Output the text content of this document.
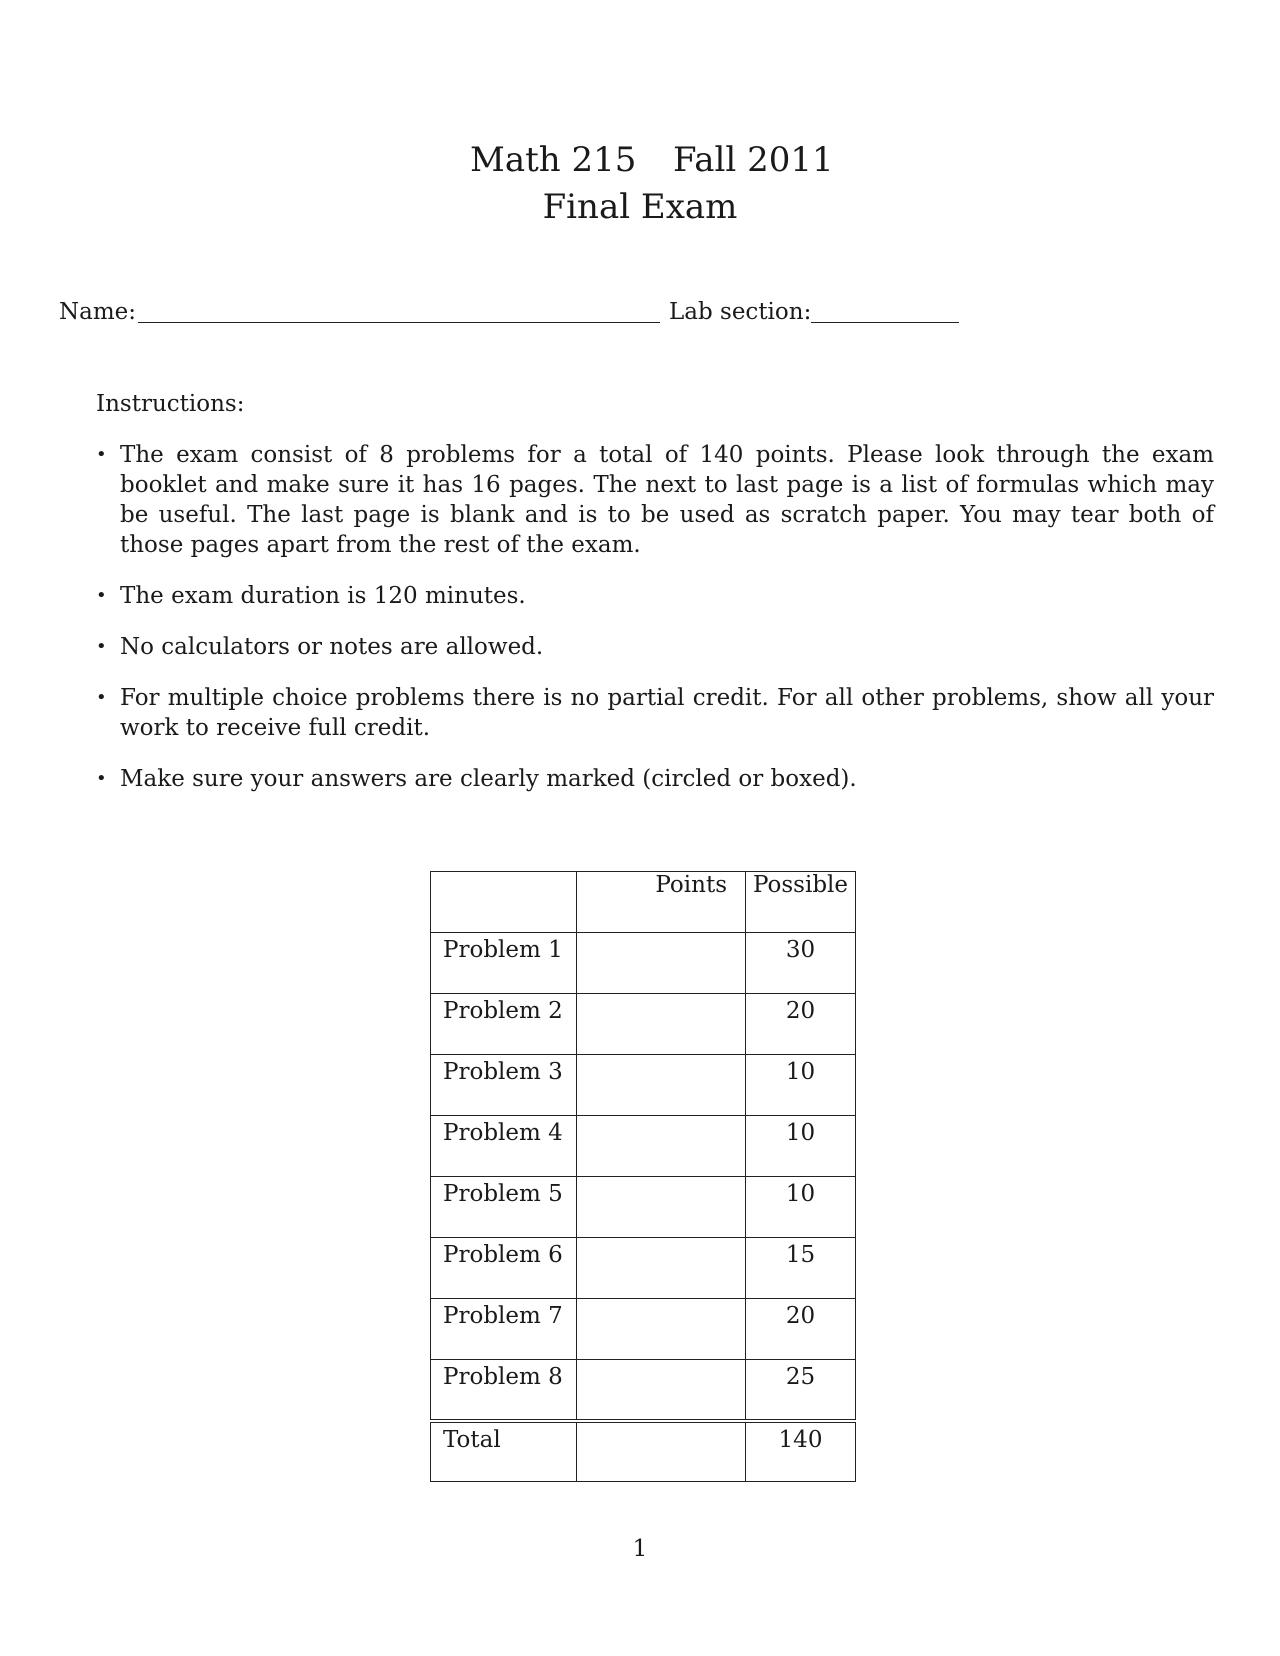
Math 215 Fall 2011
Final Exam
Name:	Lab section:
Instructions:
• The exam consist of 8 problems for a total of 140 points. Please look through the exam booklet and make sure it has 16 pages. The next to last page is a list of formulas which may be useful. The last page is blank and is to be used as scratch paper. You may tear both of those pages apart from the rest of the exam.
• The exam duration is 120 minutes.
• No calculators or notes are allowed.
• For multiple choice problems there is no partial credit. For all other problems, show all your work to receive full credit.
• Make sure your answers are clearly marked (circled or boxed).

	Points	Possible

Problem 1		30

Problem 2		20

Problem 3		10

Problem 4		10

Problem 5		10

Problem 6		15

Problem 7		20

Problem 8		25

Total		140
1
